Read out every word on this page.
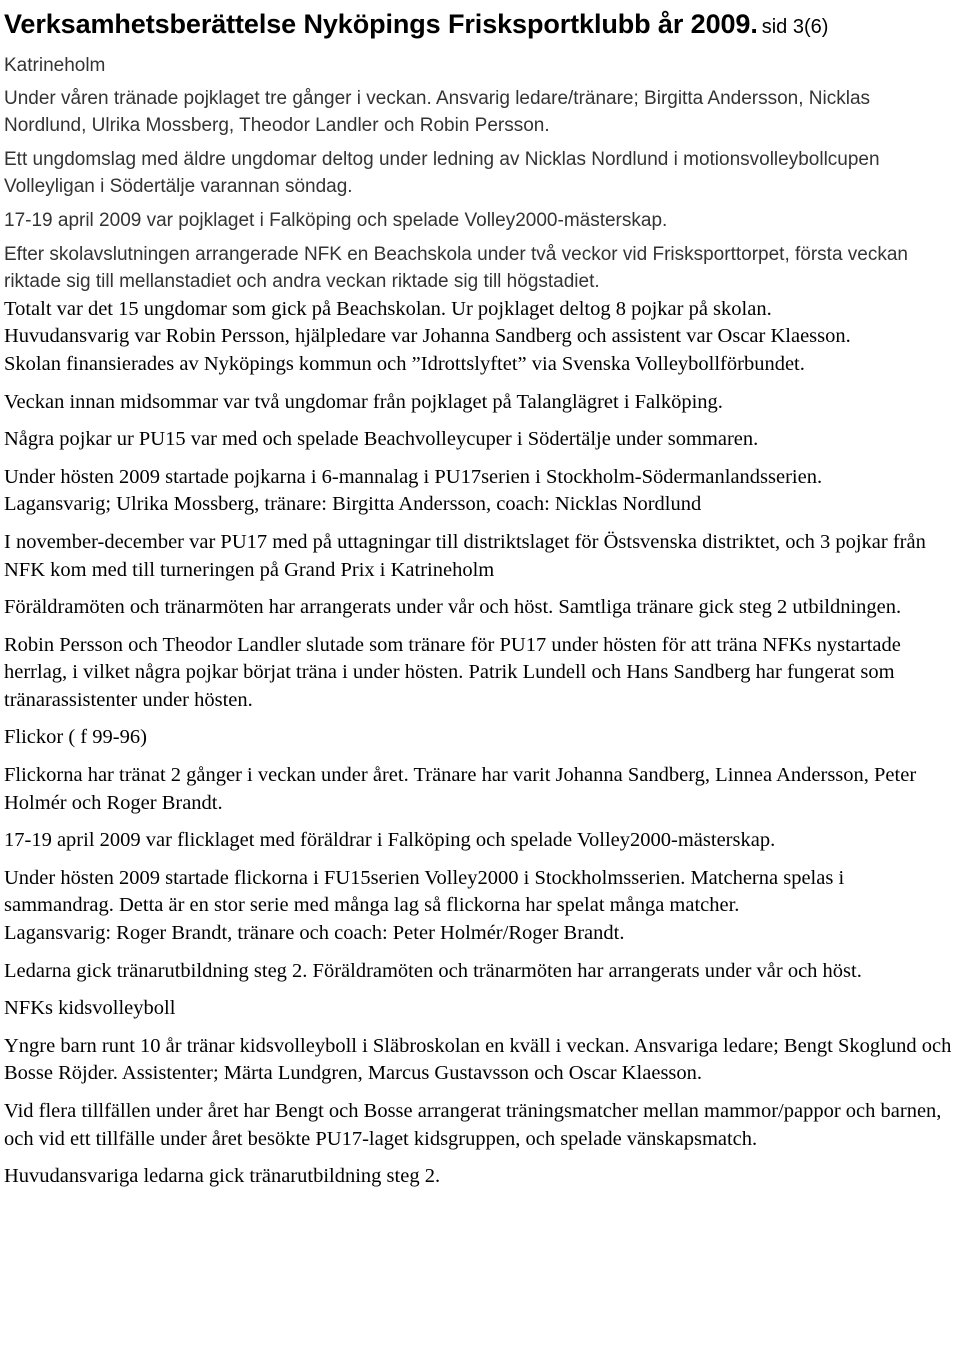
Verksamhetsberättelse Nyköpings Frisksportklubb år 2009. sid 3(6)

Katrineholm

Under våren tränade pojklaget tre gånger i veckan. Ansvarig ledare/tränare; Birgitta Andersson, Nicklas Nordlund, Ulrika Mossberg, Theodor Landler och Robin Persson.

Ett ungdomslag med äldre ungdomar deltog under ledning av Nicklas Nordlund i motionsvolleybollcupen Volleyligan i Södertälje varannan söndag.

17-19 april 2009 var pojklaget i Falköping och spelade Volley2000-mästerskap.

Efter skolavslutningen arrangerade NFK en Beachskola under två veckor vid Frisksporttorpet, första veckan riktade sig till mellanstadiet och andra veckan riktade sig till högstadiet.

Totalt var det 15 ungdomar som gick på Beachskolan. Ur pojklaget deltog 8 pojkar på skolan.

Huvudansvarig var Robin Persson, hjälpledare var Johanna Sandberg och assistent var Oscar Klaesson.

Skolan finansierades av Nyköpings kommun och ”Idrottslyftet” via Svenska Volleybollförbundet.

Veckan innan midsommar var två ungdomar från pojklaget på Talanglägret i Falköping.

Några pojkar ur PU15 var med och spelade Beachvolleycuper i Södertälje under sommaren.

Under hösten 2009 startade pojkarna i 6-mannalag i PU17serien i Stockholm-Södermanlandsserien.

Lagansvarig; Ulrika Mossberg, tränare: Birgitta Andersson, coach: Nicklas Nordlund

I november-december var PU17 med på uttagningar till distriktslaget för Östsvenska distriktet, och 3 pojkar från NFK kom med till turneringen på Grand Prix i Katrineholm

Föräldramöten och tränarmöten har arrangerats under vår och höst. Samtliga tränare gick steg 2 utbildningen.

Robin Persson och Theodor Landler slutade som tränare för PU17 under hösten för att träna NFKs nystartade herrlag, i vilket några pojkar börjat träna i under hösten. Patrik Lundell och Hans Sandberg har fungerat som tränarassistenter under hösten.

Flickor ( f 99-96)

Flickorna har tränat 2 gånger i veckan under året. Tränare har varit Johanna Sandberg, Linnea Andersson, Peter Holmér och Roger Brandt.

17-19 april 2009 var flicklaget med föräldrar i Falköping och spelade Volley2000-mästerskap.

Under hösten 2009 startade flickorna i FU15serien Volley2000 i Stockholmsserien. Matcherna spelas i sammandrag. Detta är en stor serie med många lag så flickorna har spelat många matcher.

Lagansvarig: Roger Brandt, tränare och coach: Peter Holmér/Roger Brandt.

Ledarna gick tränarutbildning steg 2. Föräldramöten och tränarmöten har arrangerats under vår och höst.

NFKs kidsvolleyboll

Yngre barn runt 10 år tränar kidsvolleyboll i Släbroskolan en kväll i veckan. Ansvariga ledare; Bengt Skoglund och Bosse Röjder. Assistenter; Märta Lundgren, Marcus Gustavsson och Oscar Klaesson.

Vid flera tillfällen under året har Bengt och Bosse arrangerat träningsmatcher mellan mammor/pappor och barnen, och vid ett tillfälle under året besökte PU17-laget kidsgruppen, och spelade vänskapsmatch.

Huvudansvariga ledarna gick tränarutbildning steg 2.
